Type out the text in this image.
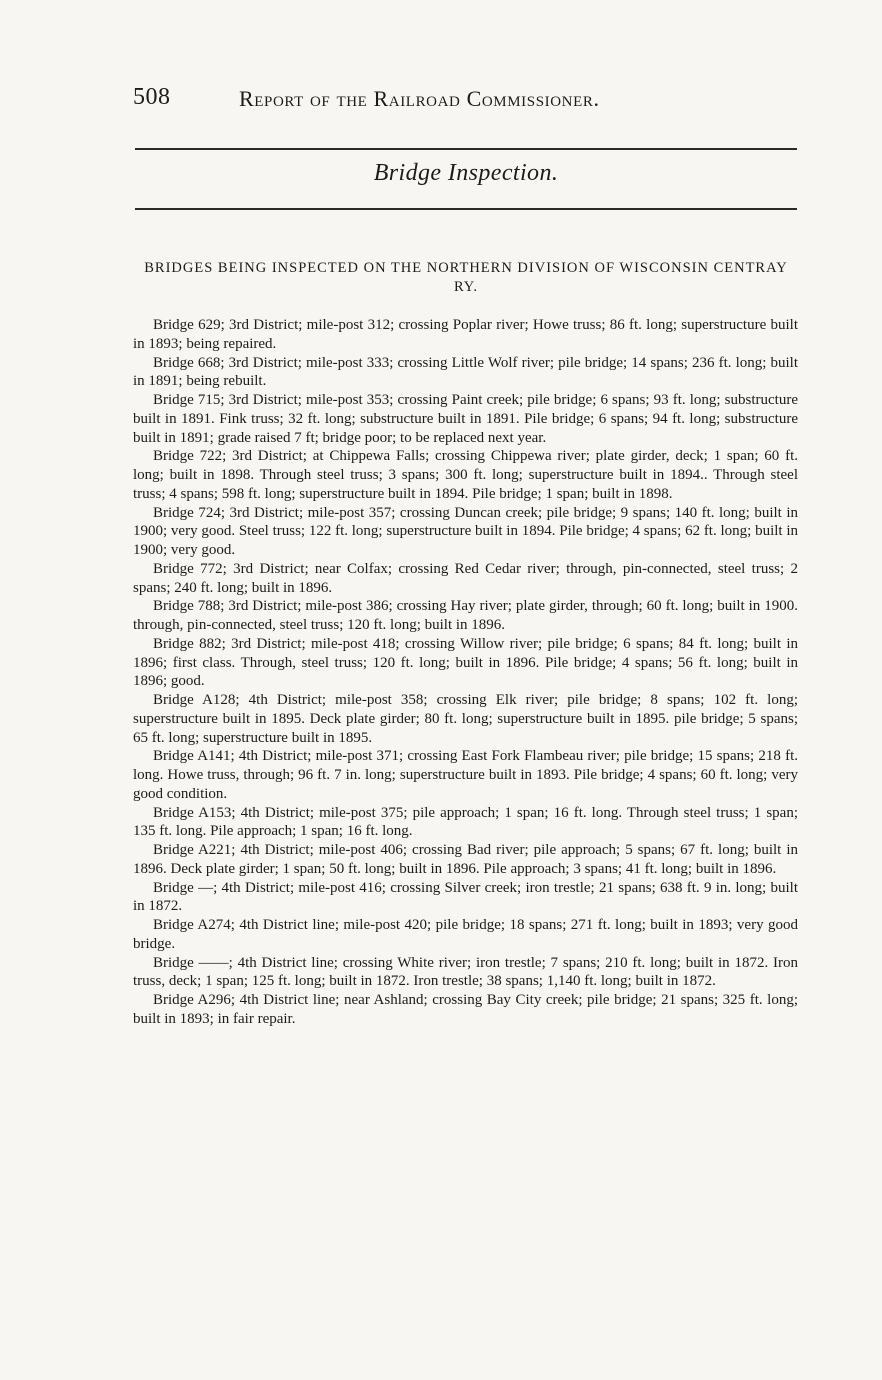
508	Report of the Railroad Commissioner.
Bridge Inspection.
BRIDGES BEING INSPECTED ON THE NORTHERN DIVISION OF WISCONSIN CENTRAY RY.

Bridge 629; 3rd District; mile-post 312; crossing Poplar river; Howe truss; 86 ft. long; superstructure built in 1893; being repaired.

Bridge 668; 3rd District; mile-post 333; crossing Little Wolf river; pile bridge; 14 spans; 236 ft. long; built in 1891; being rebuilt.

Bridge 715; 3rd District; mile-post 353; crossing Paint creek; pile bridge; 6 spans; 93 ft. long; substructure built in 1891. Fink truss; 32 ft. long; substructure built in 1891. Pile bridge; 6 spans; 94 ft. long; substructure built in 1891; grade raised 7 ft; bridge poor; to be replaced next year.

Bridge 722; 3rd District; at Chippewa Falls; crossing Chippewa river; plate girder, deck; 1 span; 60 ft. long; built in 1898. Through steel truss; 3 spans; 300 ft. long; superstructure built in 1894.. Through steel truss; 4 spans; 598 ft. long; superstructure built in 1894. Pile bridge; 1 span; built in 1898.

Bridge 724; 3rd District; mile-post 357; crossing Duncan creek; pile bridge; 9 spans; 140 ft. long; built in 1900; very good. Steel truss; 122 ft. long; superstructure built in 1894. Pile bridge; 4 spans; 62 ft. long; built in 1900; very good.

Bridge 772; 3rd District; near Colfax; crossing Red Cedar river; through, pin-connected, steel truss; 2 spans; 240 ft. long; built in 1896.

Bridge 788; 3rd District; mile-post 386; crossing Hay river; plate girder, through; 60 ft. long; built in 1900. through, pin-connected, steel truss; 120 ft. long; built in 1896.

Bridge 882; 3rd District; mile-post 418; crossing Willow river; pile bridge; 6 spans; 84 ft. long; built in 1896; first class. Through, steel truss; 120 ft. long; built in 1896. Pile bridge; 4 spans; 56 ft. long; built in 1896; good.

Bridge A128; 4th District; mile-post 358; crossing Elk river; pile bridge; 8 spans; 102 ft. long; superstructure built in 1895. Deck plate girder; 80 ft. long; superstructure built in 1895. pile bridge; 5 spans; 65 ft. long; superstructure built in 1895.

Bridge A141; 4th District; mile-post 371; crossing East Fork Flambeau river; pile bridge; 15 spans; 218 ft. long. Howe truss, through; 96 ft. 7 in. long; superstructure built in 1893. Pile bridge; 4 spans; 60 ft. long; very good condition.

Bridge A153; 4th District; mile-post 375; pile approach; 1 span; 16 ft. long. Through steel truss; 1 span; 135 ft. long. Pile approach; 1 span; 16 ft. long.

Bridge A221; 4th District; mile-post 406; crossing Bad river; pile approach; 5 spans; 67 ft. long; built in 1896. Deck plate girder; 1 span; 50 ft. long; built in 1896. Pile approach; 3 spans; 41 ft. long; built in 1896.

Bridge —; 4th District; mile-post 416; crossing Silver creek; iron trestle; 21 spans; 638 ft. 9 in. long; built in 1872.

Bridge A274; 4th District line; mile-post 420; pile bridge; 18 spans; 271 ft. long; built in 1893; very good bridge.

Bridge ——; 4th District line; crossing White river; iron trestle; 7 spans; 210 ft. long; built in 1872. Iron truss, deck; 1 span; 125 ft. long; built in 1872. Iron trestle; 38 spans; 1,140 ft. long; built in 1872.

Bridge A296; 4th District line; near Ashland; crossing Bay City creek; pile bridge; 21 spans; 325 ft. long; built in 1893; in fair repair.
